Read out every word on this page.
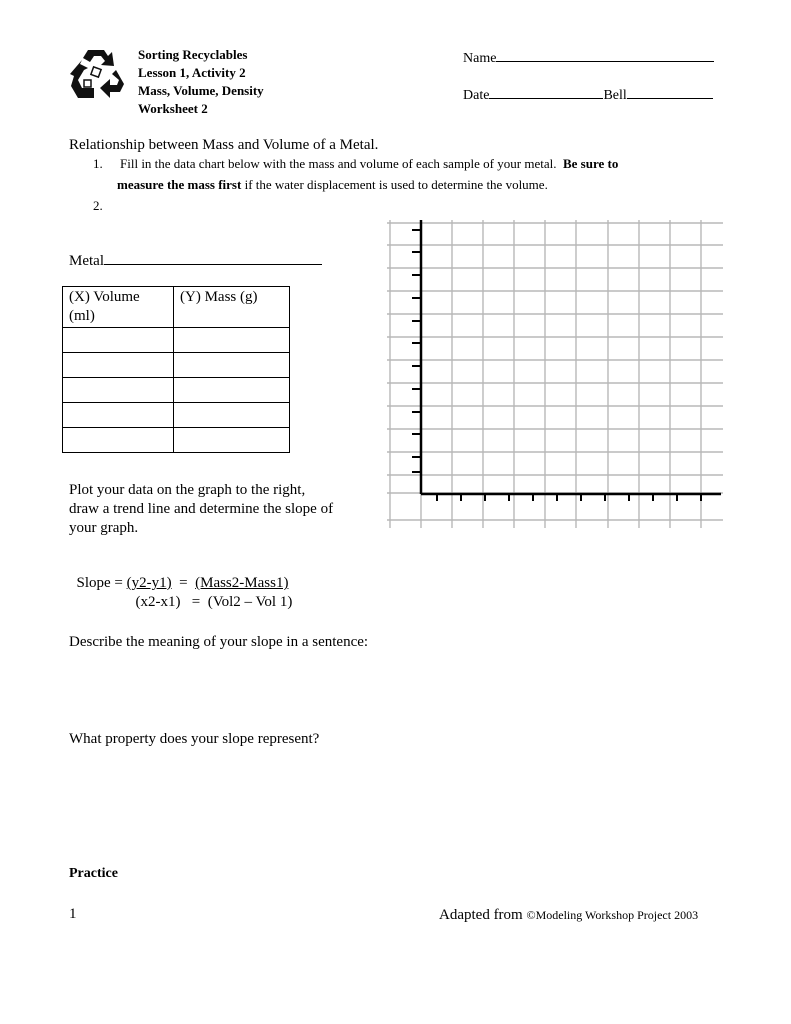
Sorting Recyclables
Lesson 1, Activity 2
Mass, Volume, Density
Worksheet 2
Name
Date	Bell
Relationship between Mass and Volume of a Metal.
1. Fill in the data chart below with the mass and volume of each sample of your metal. Be sure to
measure the mass first if the water displacement is used to determine the volume.
2.
Metal
(X) Volume
(ml)	(Y) Mass (g)

Plot your data on the graph to the right,
draw a trend line and determine the slope of
your graph.

Slope = (y2-y1)  =  (Mass2-Mass1)

(x2-x1)   =  (Vol2 – Vol 1)

Describe the meaning of your slope in a sentence:
What property does your slope represent?
Practice
1	Adapted from ©Modeling Workshop Project 2003
